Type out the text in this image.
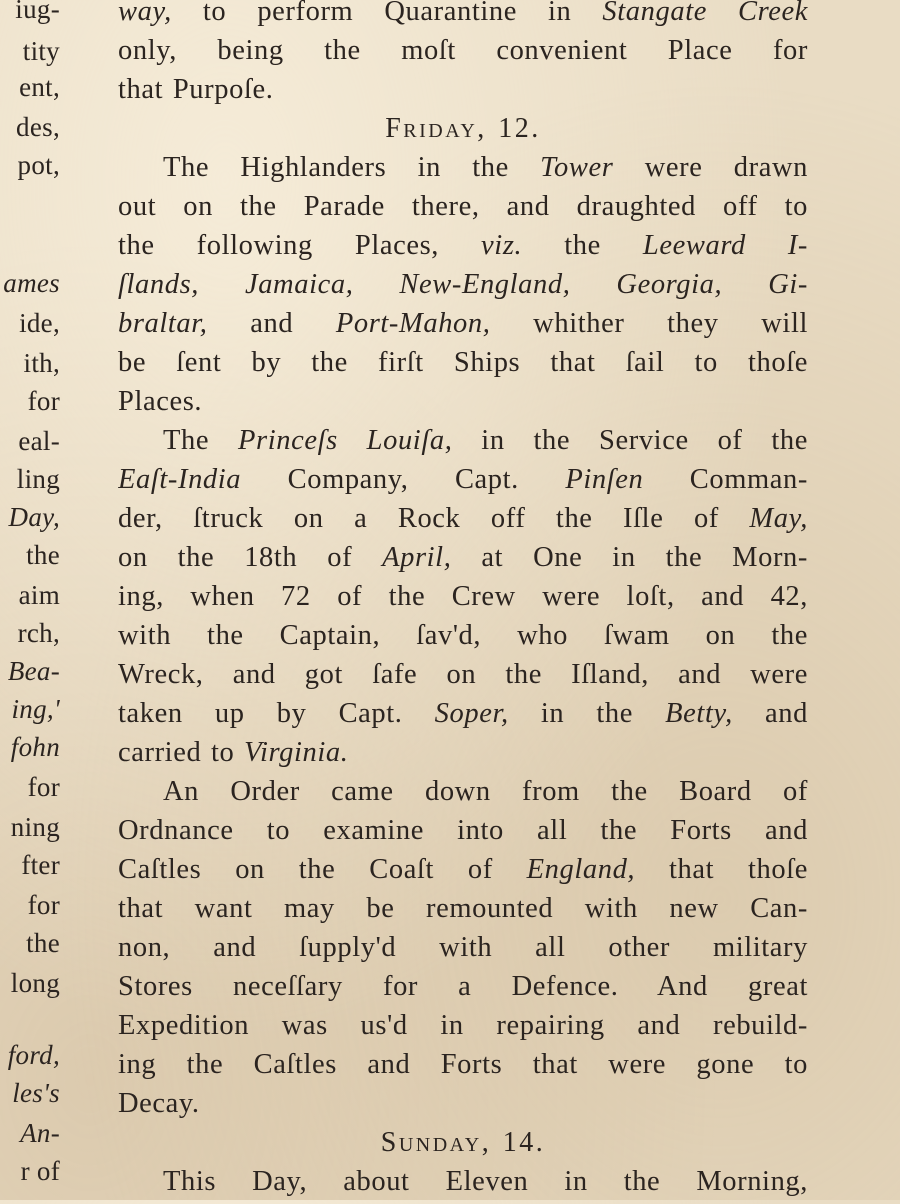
iug-
tity
ent,
des,
pot,
ames
ide,
ith,
for
eal-
ling
Day,
the
aim
rch,
Bea-
ing,'
fohn
for
ning
fter
for
the
long
ford,
les's
An-
r of
way, to perform Quarantine in Stangate Creek
only, being the moſt convenient Place for
that Purpoſe.
Friday, 12.
The Highlanders in the Tower were drawn
out on the Parade there, and draughted off to
the following Places, viz. the Leeward I-
ſlands, Jamaica, New-England, Georgia, Gi-
braltar, and Port-Mahon, whither they will
be ſent by the firſt Ships that ſail to thoſe
Places.
The Princeſs Louiſa, in the Service of the
Eaſt-India Company, Capt. Pinſen Comman-
der, ſtruck on a Rock off the Iſle of May,
on the 18th of April, at One in the Morn-
ing, when 72 of the Crew were loſt, and 42,
with the Captain, ſav'd, who ſwam on the
Wreck, and got ſafe on the Iſland, and were
taken up by Capt. Soper, in the Betty, and
carried to Virginia.
An Order came down from the Board of
Ordnance to examine into all the Forts and
Caſtles on the Coaſt of England, that thoſe
that want may be remounted with new Can-
non, and ſupply'd with all other military
Stores neceſſary for a Defence. And great
Expedition was us'd in repairing and rebuild-
ing the Caſtles and Forts that were gone to
Decay.
Sunday, 14.
This Day, about Eleven in the Morning,
